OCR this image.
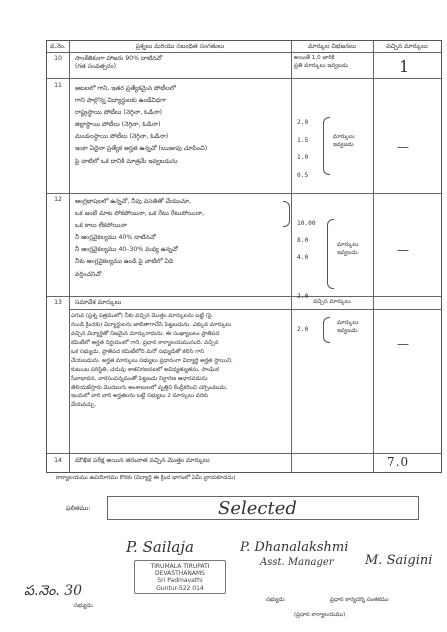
వ.నెం.	ప్రశ్నలు మరియు సబంధిత సంగతులు	మార్కుల విభజనలు	వచ్చిన మార్కులు
10	సాంకేతికంగా హాజరు 90% దాటినవో
(గత సంవత్సరం)
అయితే 1.0 జారికి
ప్రతి మార్కులు ఇవ్వబడు	1
11	ఆటలలో గాని, ఇతర ప్రత్యేకమైన పోటీలలో
గాని పాల్గొన్న విద్యార్థులకు ఉండేవిధగా
రాష్ట్రస్థాయి పోటీలు (నెగ్గినా, ఓడినా)
జిల్లాస్థాయి పోటీలు (నెగ్గినా, ఓడినా)
మండలస్థాయి పోటీలు (నెగ్గినా, ఓడినా)
ఇంకా ఏదైనా ప్రత్యేక అర్హత ఉన్నచో (ఋజువు చూపించి)
పై వాటిలో ఒక దానికి మాత్రమే ఇవ్వబడును
2.0
1.5
1.0
0.5
మార్కులు
ఇవ్వబడు	—
12	ఆంగ్లభాషలలో ఉన్నచో, నీవు వసతితో చేయుచూ,
ఒక జంటి మాట పోకపోయినా, ఒక రేటు రేటుపోయినా,
ఒక కాలు లేకపోయినా
నీ ఆంగ్లవైకల్యము 40% దాటినచో
నీ ఆంగ్లవైకల్యము 40–30% మధ్య ఉన్నచో
నీకు ఆంగ్లవైకల్యము ఉండి పై వాటిలో ఏది
వర్తించనిచో
10.00
8.0
4.0
2.0
మార్కులు
ఇవ్వబడు	—
13	సమావేశ మార్కులు	వచ్చిన మార్కులు
ఎగువ (ప్రశ్న పత్రములో) నీకు వచ్చిన మొత్తం మార్కులను బట్టి (పై
నుండి క్రిందకు) విద్యార్థులను జాబితాగాచేసి పెట్టబడును. ఎక్కువ మార్కులు
వచ్చిన విద్యార్థితో నిజమైన మార్కురాదును. ఈ సంఖ్యాబలం ప్రాతిపద
కమిటీలో అర్హత నిర్ణయంలో గాని, ప్రధాన కార్యాలయమునంది. వచ్చిన
ఒక సభ్యుడు, ప్రాతిపద కమిటీలోని మరో సభ్యుడితో కలిసి గాని
చేయబడును. అర్హత మార్కులు సభ్యులు ప్రధానంగా విద్యార్థి అర్హత స్థాయిని,
కుటుంబ పరిస్థితి, చదువు శాతనిగణనలలో అవిధ్యత్యుతను, సాంఘిక
సేవాభావన, వారసంపన్నముతో పెట్టబడు నిర్ధారణ ఆధారపడును
తెలియజేస్తారు మొదలుగు అంశాలులలో వృత్తిని కేంద్రీకరించి చర్చించబడు.
ఇందులో వారి వారి అర్హతలను బట్టి సభ్యులు 2 మార్కులు వరకు
వేయవచ్చు.
2.0
మార్కులు
ఇవ్వబడు
—
14	మౌఖిక పరీక్ష అయిన తరువాత వచ్చిన మొత్తం మార్కులు	7.0
కార్యాలయము ఉపయోగము కొరకు (విద్యార్థి ఈ క్రింద భాగంలో ఏమీ వ్రాయకూడదు)
ఫలితము:	Selected
ప.నెం. 30
సభ్యుడు
P. Sailaja
TIRUMALA TIRUPATI
DEVASTHANAMS
Sri Padmavathi
Guntur-522 014
P. Dhanalakshmi
Asst. Manager M. Saigini
సభ్యుడు	ప్రధాన కార్యదర్శి సంతకము
(ప్రధాన కార్యాలయము)
